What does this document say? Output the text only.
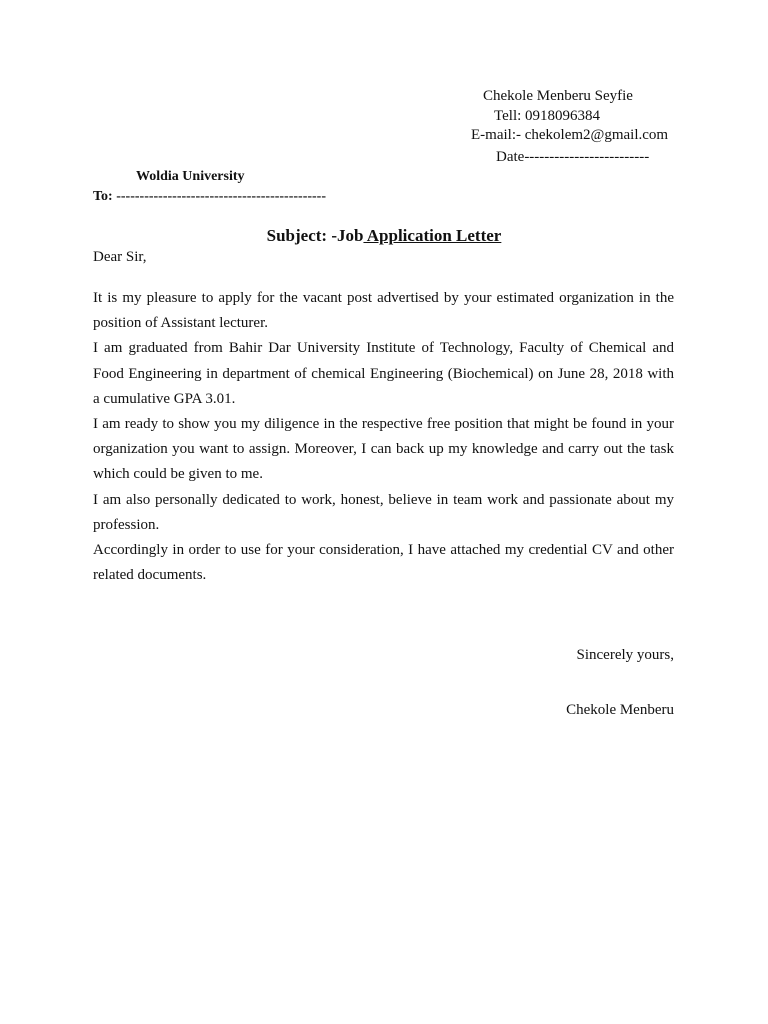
Chekole Menberu Seyfie
Tell: 0918096384
E-mail:- chekolem2@gmail.com
Date-------------------------
Woldia University
To: ---------------------------------------------
Subject: -Job Application Letter
Dear Sir,

It is my pleasure to apply for the vacant post advertised by your estimated organization in the position of Assistant lecturer.

I am graduated from Bahir Dar University Institute of Technology, Faculty of Chemical and Food Engineering in department of chemical Engineering (Biochemical) on June 28, 2018 with a cumulative GPA 3.01.

I am ready to show you my diligence in the respective free position that might be found in your organization you want to assign. Moreover, I can back up my knowledge and carry out the task which could be given to me.

I am also personally dedicated to work, honest, believe in team work and passionate about my profession.

Accordingly in order to use for your consideration, I have attached my credential CV and other related documents.

Sincerely yours,
Chekole Menberu
